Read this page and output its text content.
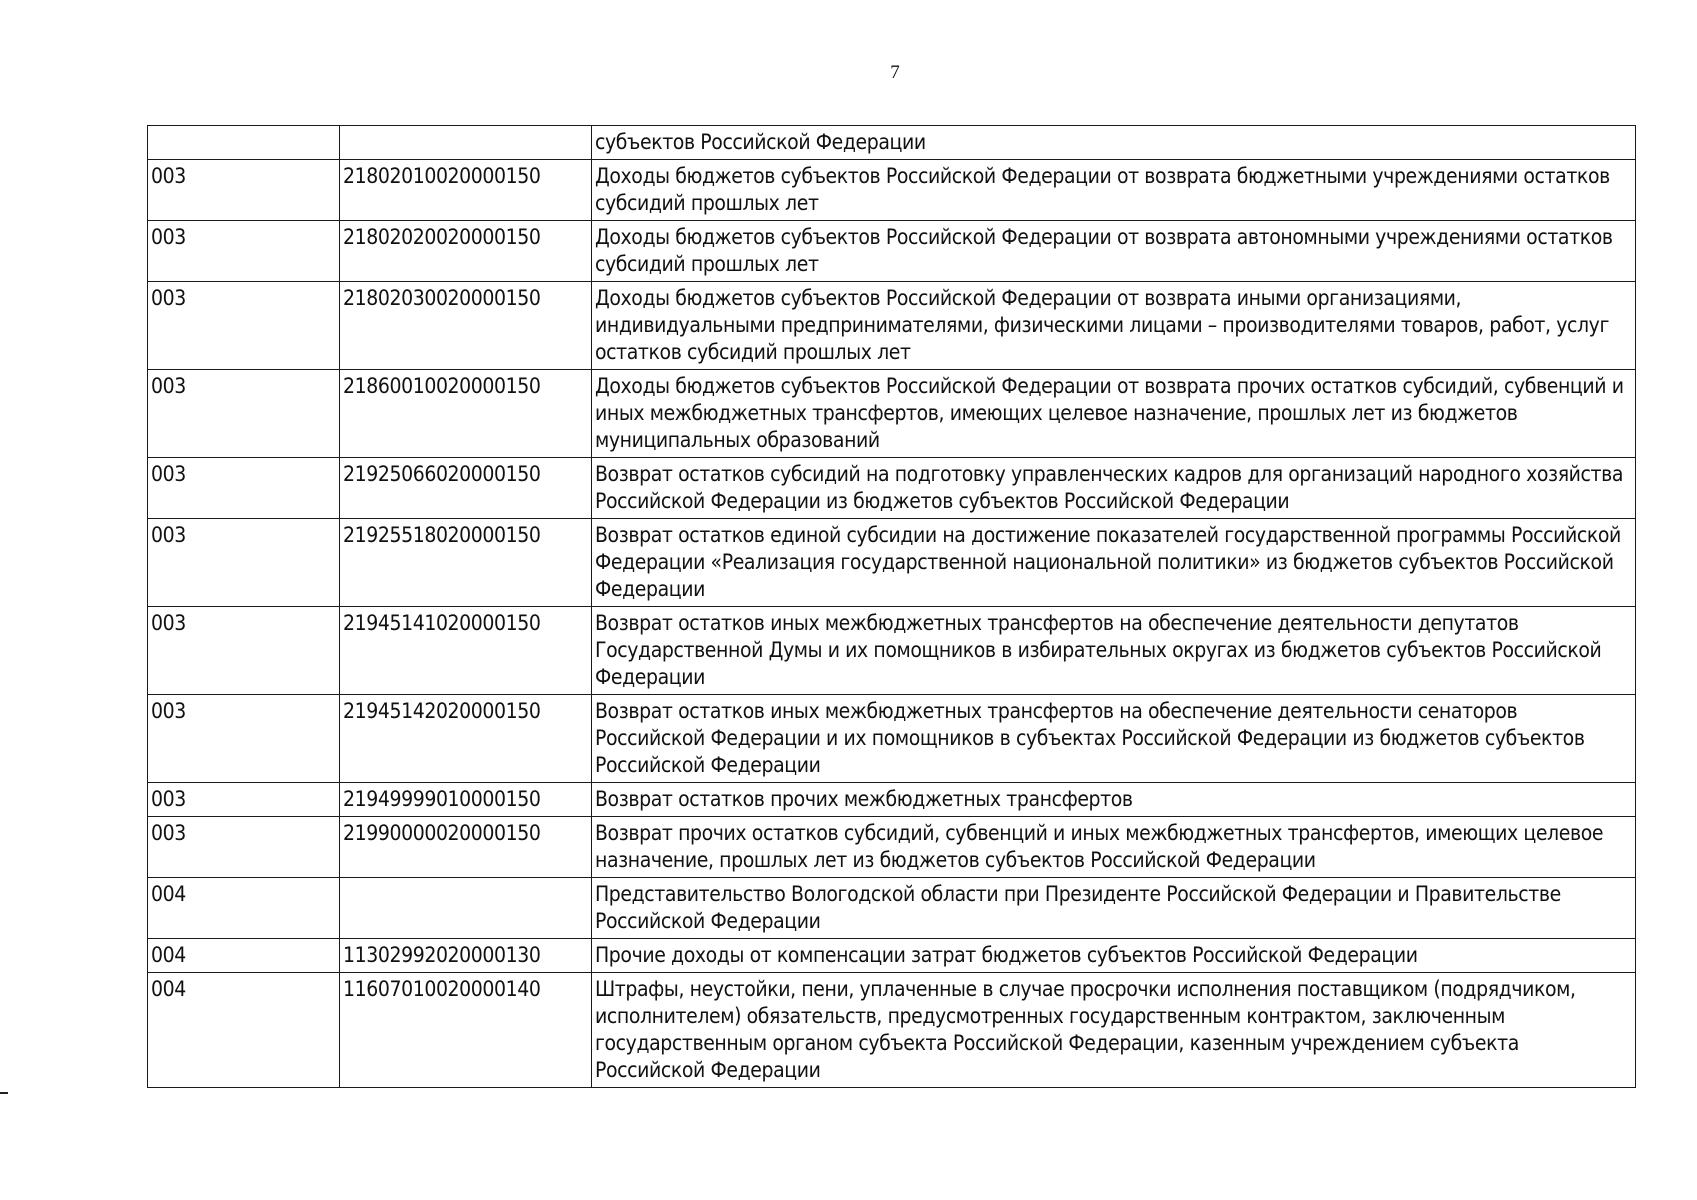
7
		субъектов Российской Федерации
003	21802010020000150	Доходы бюджетов субъектов Российской Федерации от возврата бюджетными учреждениями остатков субсидий прошлых лет
003	21802020020000150	Доходы бюджетов субъектов Российской Федерации от возврата автономными учреждениями остатков субсидий прошлых лет
003	21802030020000150	Доходы бюджетов субъектов Российской Федерации от возврата иными организациями, индивидуальными предпринимателями, физическими лицами – производителями товаров, работ, услуг остатков субсидий прошлых лет
003	21860010020000150	Доходы бюджетов субъектов Российской Федерации от возврата прочих остатков субсидий, субвенций и иных межбюджетных трансфертов, имеющих целевое назначение, прошлых лет из бюджетов муниципальных образований
003	21925066020000150	Возврат остатков субсидий на подготовку управленческих кадров для организаций народного хозяйства Российской Федерации из бюджетов субъектов Российской Федерации
003	21925518020000150	Возврат остатков единой субсидии на достижение показателей государственной программы Российской Федерации «Реализация государственной национальной политики» из бюджетов субъектов Российской Федерации
003	21945141020000150	Возврат остатков иных межбюджетных трансфертов на обеспечение деятельности депутатов Государственной Думы и их помощников в избирательных округах из бюджетов субъектов Российской Федерации
003	21945142020000150	Возврат остатков иных межбюджетных трансфертов на обеспечение деятельности сенаторов Российской Федерации и их помощников в субъектах Российской Федерации из бюджетов субъектов Российской Федерации
003	21949999010000150	Возврат остатков прочих межбюджетных трансфертов
003	21990000020000150	Возврат прочих остатков субсидий, субвенций и иных межбюджетных трансфертов, имеющих целевое назначение, прошлых лет из бюджетов субъектов Российской Федерации
004		Представительство Вологодской области при Президенте Российской Федерации и Правительстве Российской Федерации
004	11302992020000130	Прочие доходы от компенсации затрат бюджетов субъектов Российской Федерации
004	11607010020000140	Штрафы, неустойки, пени, уплаченные в случае просрочки исполнения поставщиком (подрядчиком, исполнителем) обязательств, предусмотренных государственным контрактом, заключенным государственным органом субъекта Российской Федерации, казенным учреждением субъекта Российской Федерации
